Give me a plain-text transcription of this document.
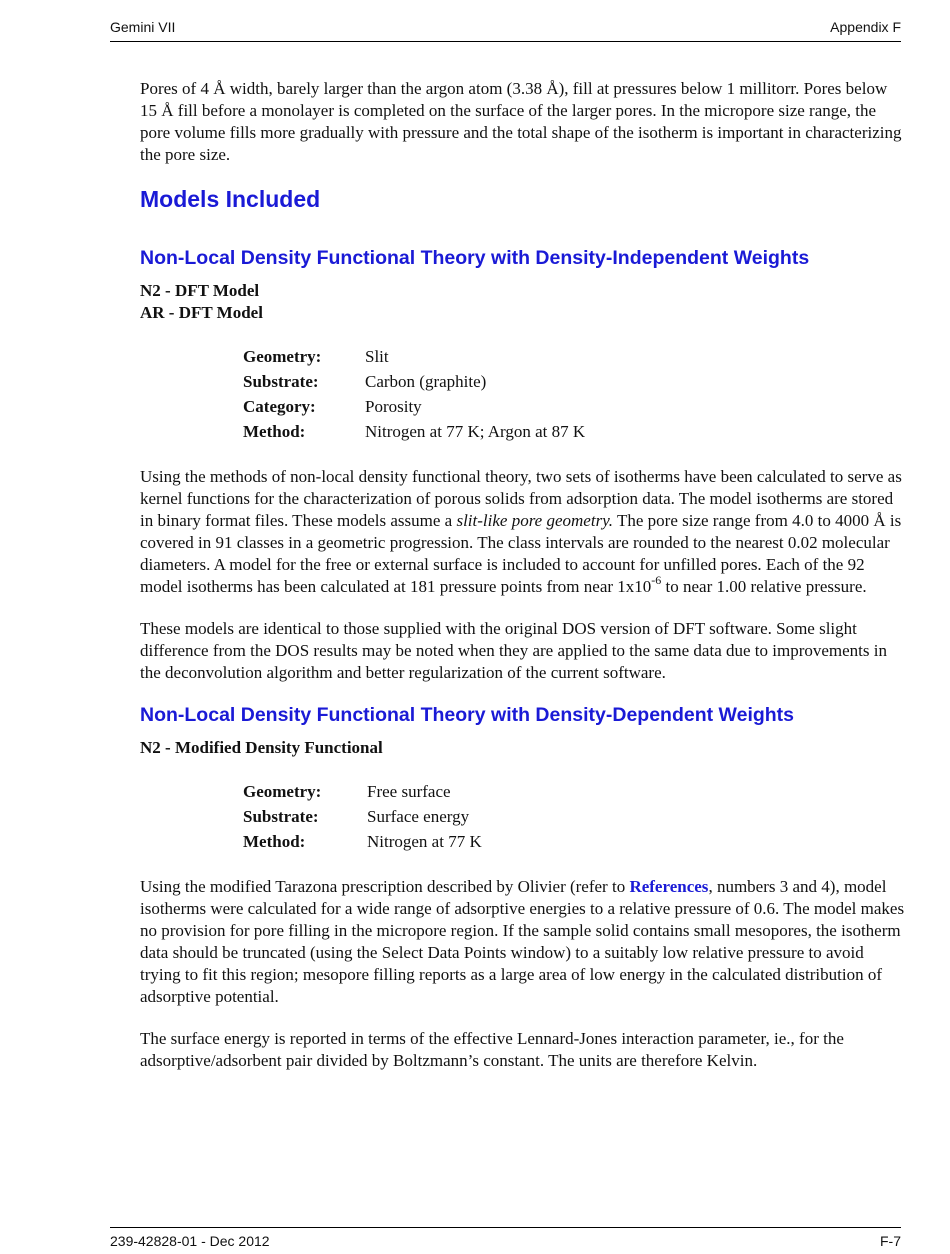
Gemini VII	Appendix F

Pores of 4 Å width, barely larger than the argon atom (3.38 Å), fill at pressures below 1 millitorr. Pores below 15 Å fill before a monolayer is completed on the surface of the larger pores. In the micropore size range, the pore volume fills more gradually with pressure and the total shape of the isotherm is important in characterizing the pore size.

Models Included
Non-Local Density Functional Theory with Density-Independent Weights
N2 - DFT Model
AR - DFT Model
Geometry:	Slit
Substrate:	Carbon (graphite)
Category:	Porosity
Method:	Nitrogen at 77 K; Argon at 87 K

Using the methods of non-local density functional theory, two sets of isotherms have been calculated to serve as kernel functions for the characterization of porous solids from adsorption data. The model isotherms are stored in binary format files. These models assume a slit-like pore geometry. The pore size range from 4.0 to 4000 Å is covered in 91 classes in a geometric progression. The class intervals are rounded to the nearest 0.02 molecular diameters. A model for the free or external surface is included to account for unfilled pores. Each of the 92 model isotherms has been calculated at 181 pressure points from near $1x10^{-6}$ to near 1.00 relative pressure.

These models are identical to those supplied with the original DOS version of DFT software. Some slight difference from the DOS results may be noted when they are applied to the same data due to improvements in the deconvolution algorithm and better regularization of the current software.

Non-Local Density Functional Theory with Density-Dependent Weights
N2 - Modified Density Functional
Geometry:	Free surface
Substrate:	Surface energy
Method:	Nitrogen at 77 K

Using the modified Tarazona prescription described by Olivier (refer to References, numbers 3 and 4), model isotherms were calculated for a wide range of adsorptive energies to a relative pressure of 0.6. The model makes no provision for pore filling in the micropore region. If the sample solid contains small mesopores, the isotherm data should be truncated (using the Select Data Points window) to a suitably low relative pressure to avoid trying to fit this region; mesopore filling reports as a large area of low energy in the calculated distribution of adsorptive potential.

The surface energy is reported in terms of the effective Lennard-Jones interaction parameter, ie., for the adsorptive/adsorbent pair divided by Boltzmann’s constant. The units are therefore Kelvin.

239-42828-01 - Dec 2012	F-7
